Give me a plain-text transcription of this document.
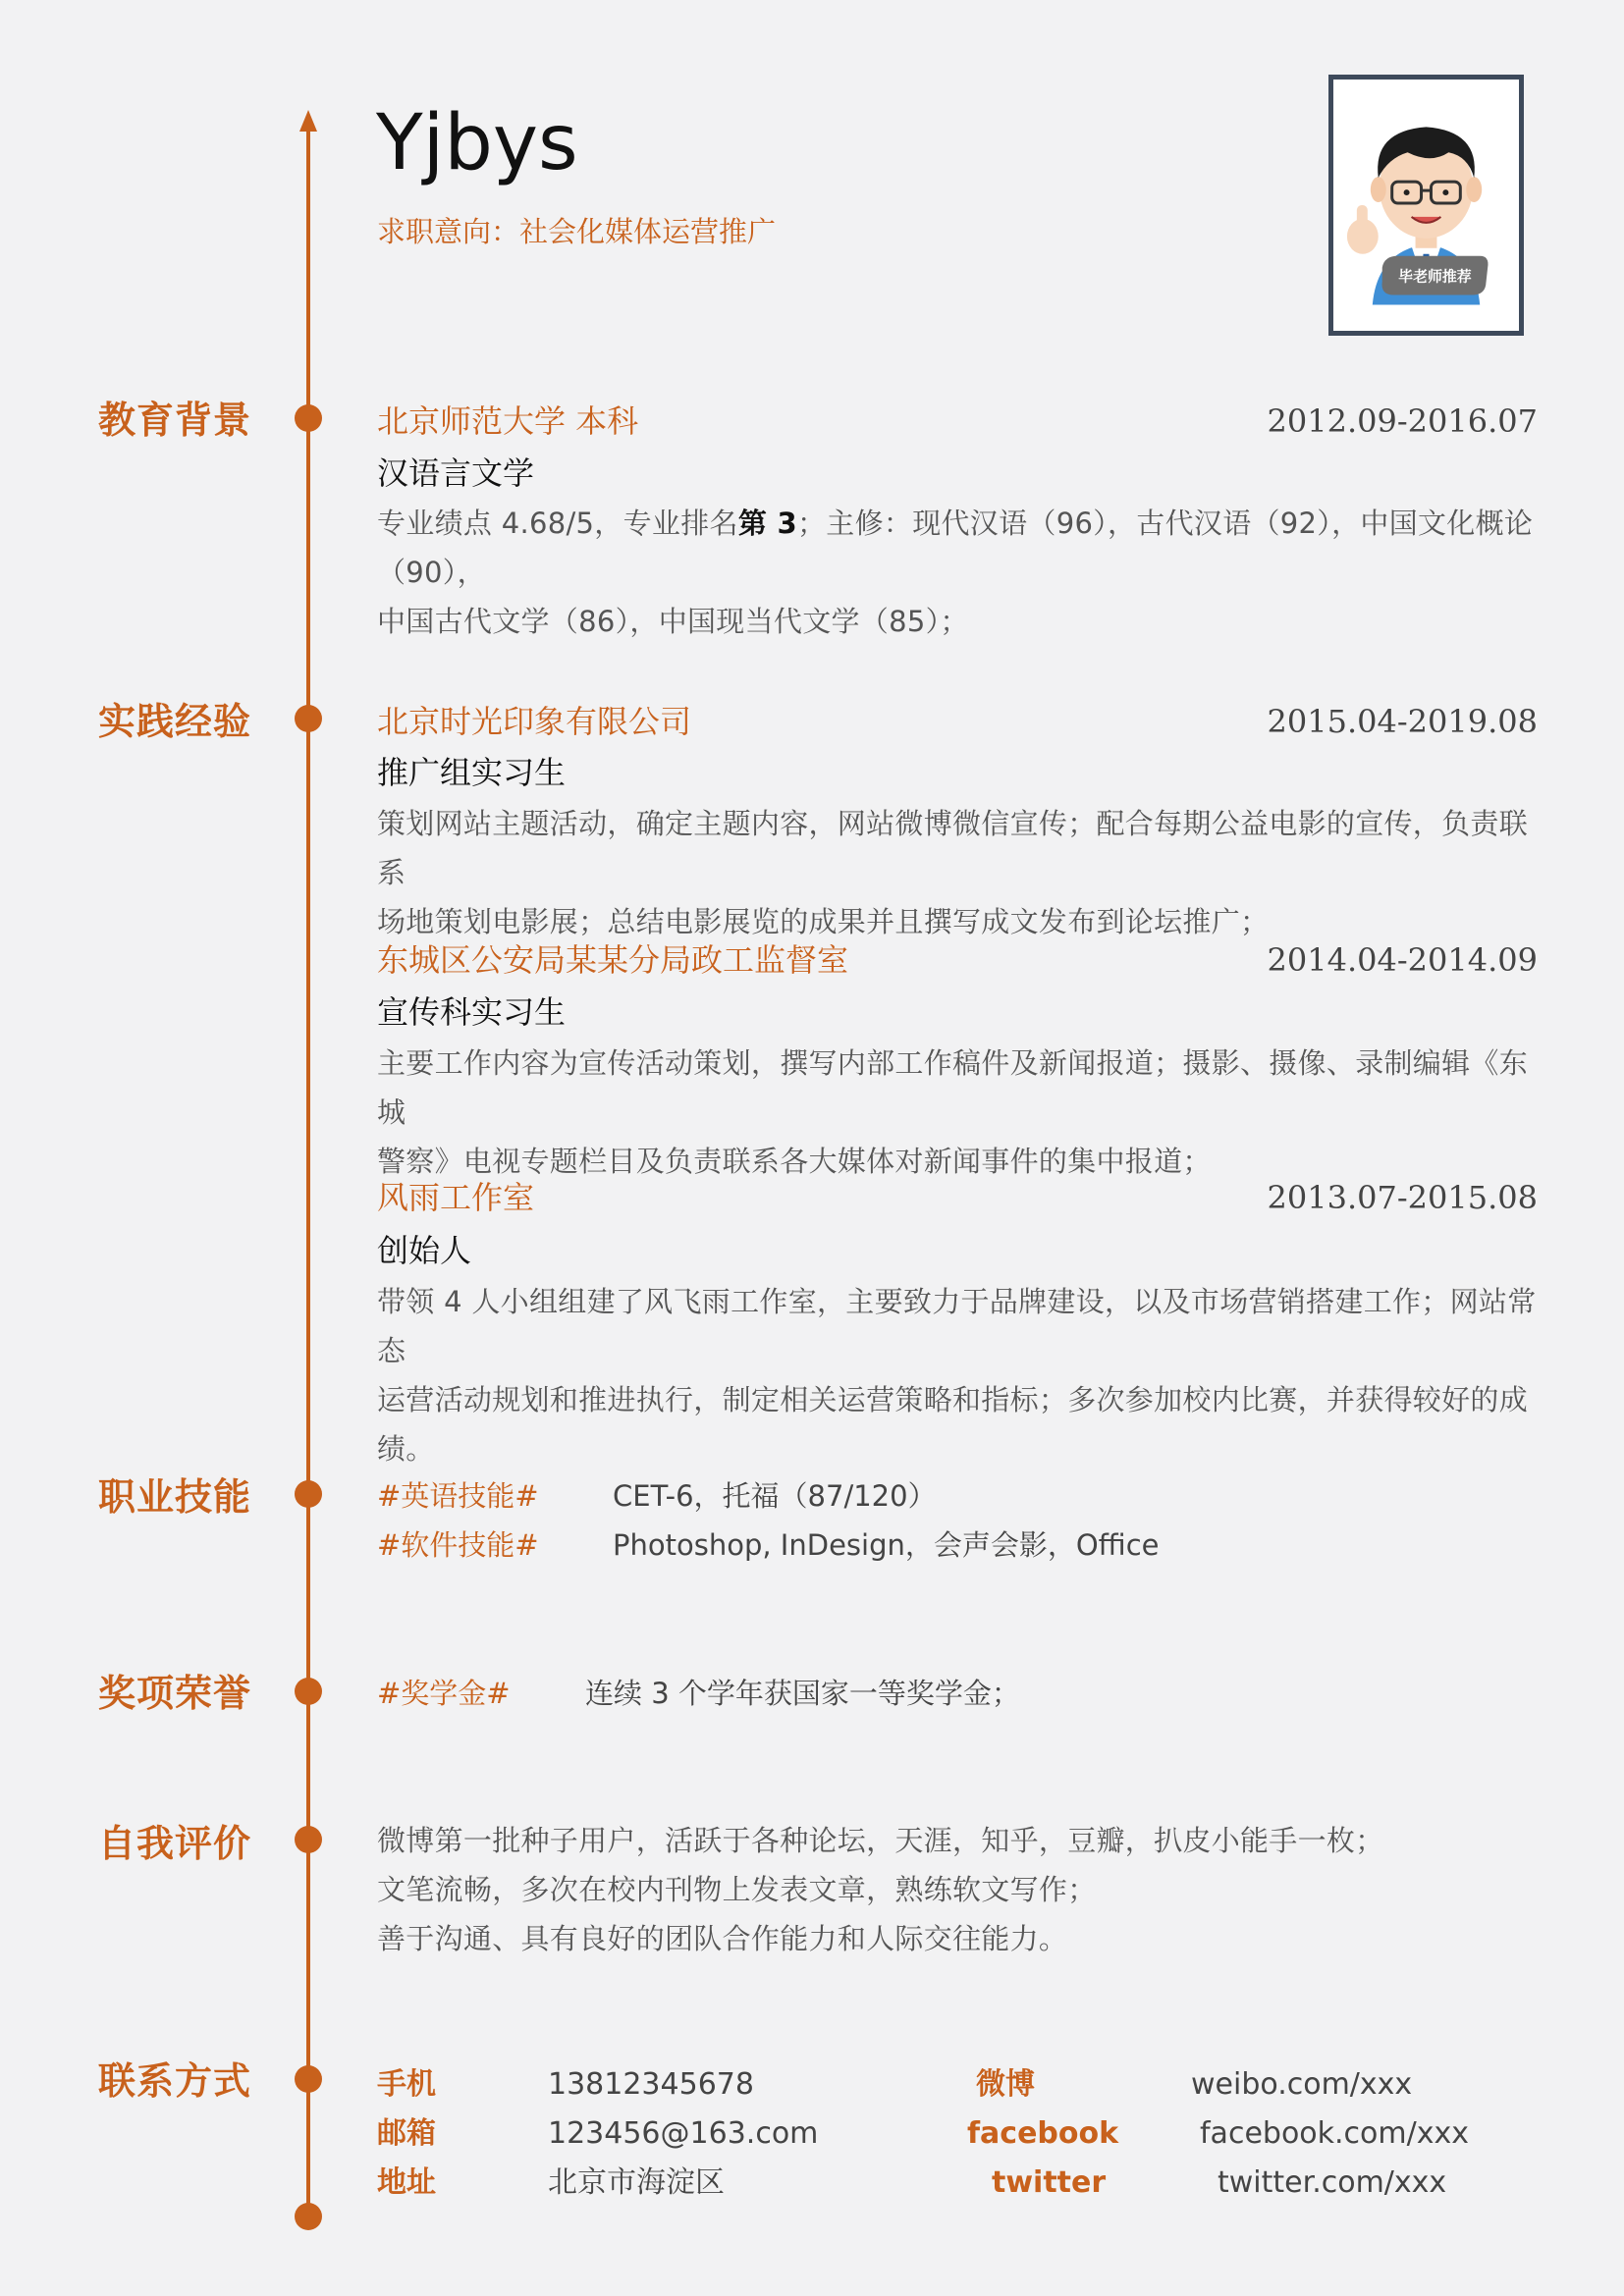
Yjbys
求职意向：社会化媒体运营推广
毕老师推荐
教育背景
实践经验
职业技能
奖项荣誉
自我评价
联系方式
北京师范大学 本科	2012.09-2016.07
汉语言文学
专业绩点 4.68/5，专业排名第 3；主修：现代汉语（96），古代汉语（92），中国文化概论（90），
中国古代文学（86），中国现当代文学（85）；
北京时光印象有限公司	2015.04-2019.08
推广组实习生
策划网站主题活动，确定主题内容，网站微博微信宣传；配合每期公益电影的宣传，负责联系
场地策划电影展；总结电影展览的成果并且撰写成文发布到论坛推广；
东城区公安局某某分局政工监督室	2014.04-2014.09
宣传科实习生
主要工作内容为宣传活动策划，撰写内部工作稿件及新闻报道；摄影、摄像、录制编辑《东城
警察》电视专题栏目及负责联系各大媒体对新闻事件的集中报道；
风雨工作室	2013.07-2015.08
创始人
带领 4 人小组组建了风飞雨工作室，主要致力于品牌建设，以及市场营销搭建工作；网站常态
运营活动规划和推进执行，制定相关运营策略和指标；多次参加校内比赛，并获得较好的成绩。
#英语技能#	CET-6，托福（87/120）
#软件技能#	Photoshop, InDesign，会声会影，Office
#奖学金#	连续 3 个学年获国家一等奖学金；
微博第一批种子用户，活跃于各种论坛，天涯，知乎，豆瓣，扒皮小能手一枚；
文笔流畅，多次在校内刊物上发表文章，熟练软文写作；
善于沟通、具有良好的团队合作能力和人际交往能力。
手机	13812345678
邮箱	123456@163.com
地址	北京市海淀区
微博	weibo.com/xxx
facebook	facebook.com/xxx
twitter	twitter.com/xxx
